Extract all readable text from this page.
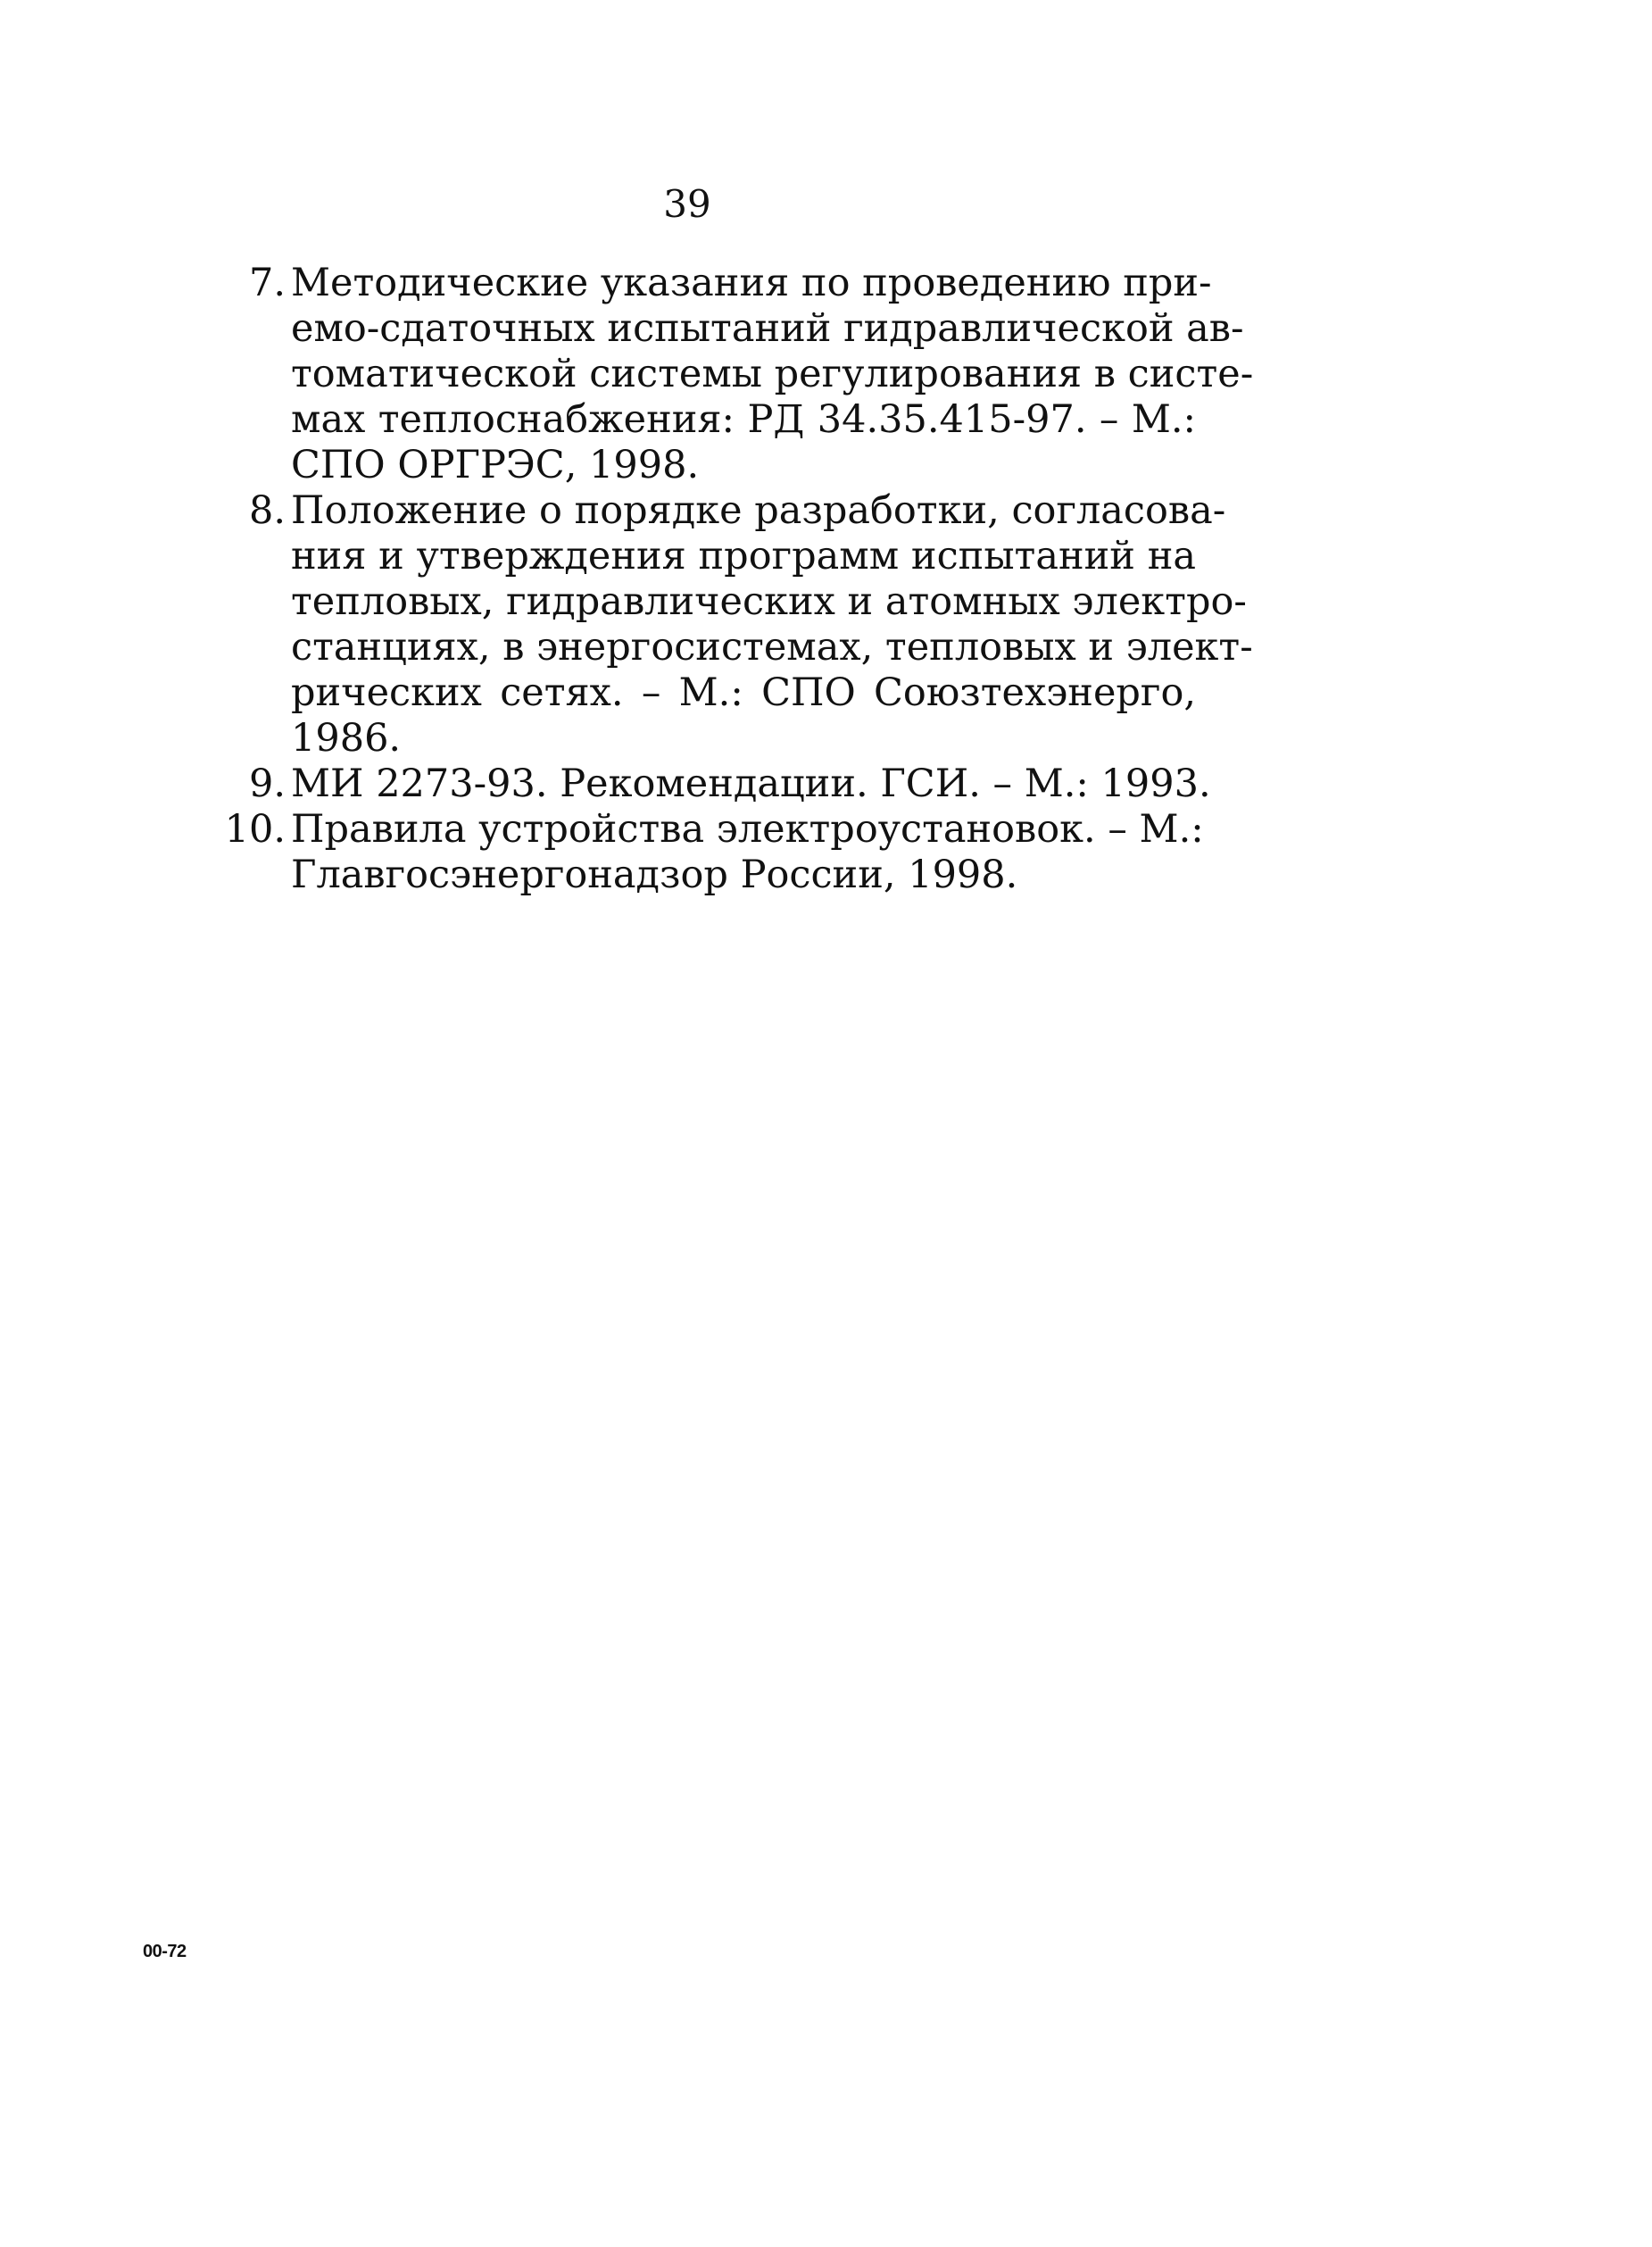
39
7. Методические указания по проведению при-
емо-сдаточных испытаний гидравлической ав-
томатической системы регулирования в систе-
мах теплоснабжения: РД 34.35.415-97. – М.:
СПО ОРГРЭС, 1998.
8. Положение о порядке разработки, согласова-
ния и утверждения программ испытаний на
тепловых, гидравлических и атомных электро-
станциях, в энергосистемах, тепловых и элект-
рических сетях. – М.: СПО Союзтехэнерго,
1986.
9. МИ 2273-93. Рекомендации. ГСИ. – М.: 1993.
10. Правила устройства электроустановок. – М.:
Главгосэнергонадзор России, 1998.
00-72
